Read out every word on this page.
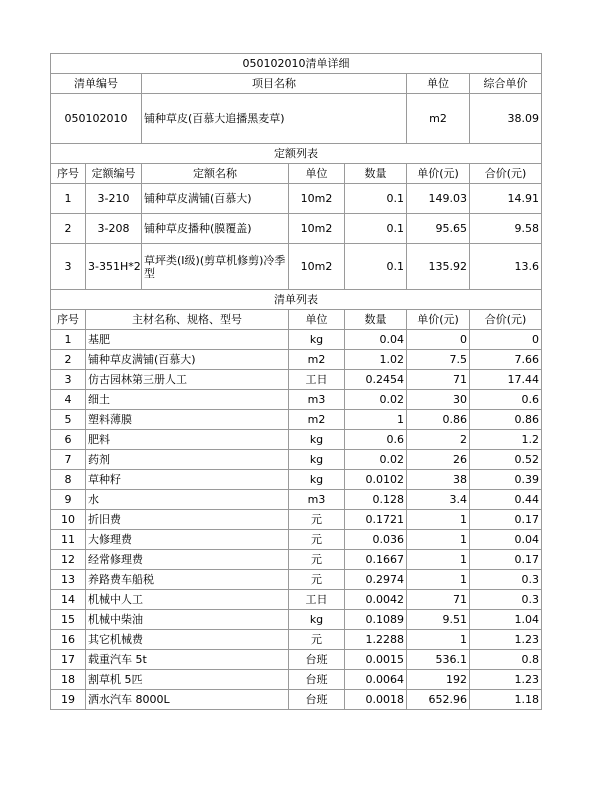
050102010清单详细						
清单编号		项目名称			单位	综合单价
050102010		铺种草皮(百慕大追播黑麦草)			m2	38.09
定额列表						
序号	定额编号	定额名称	单位	数量	单价(元)	合价(元)
1	3-210	铺种草皮满铺(百慕大)	10m2	0.1	149.03	14.91
2	3-208	铺种草皮播种(膜覆盖)	10m2	0.1	95.65	9.58
3	3-351H*2	草坪类(Ⅰ级)(剪草机修剪)冷季型	10m2	0.1	135.92	13.6
清单列表						
序号	主材名称、规格、型号		单位	数量	单价(元)	合价(元)
1	基肥		kg	0.04	0	0
2	铺种草皮满铺(百慕大)		m2	1.02	7.5	7.66
3	仿古园林第三册人工		工日	0.2454	71	17.44
4	细土		m3	0.02	30	0.6
5	塑料薄膜		m2	1	0.86	0.86
6	肥料		kg	0.6	2	1.2
7	药剂		kg	0.02	26	0.52
8	草种籽		kg	0.0102	38	0.39
9	水		m3	0.128	3.4	0.44
10	折旧费		元	0.1721	1	0.17
11	大修理费		元	0.036	1	0.04
12	经常修理费		元	0.1667	1	0.17
13	养路费车船税		元	0.2974	1	0.3
14	机械中人工		工日	0.0042	71	0.3
15	机械中柴油		kg	0.1089	9.51	1.04
16	其它机械费		元	1.2288	1	1.23
17	载重汽车 5t		台班	0.0015	536.1	0.8
18	割草机 5匹		台班	0.0064	192	1.23
19	洒水汽车 8000L		台班	0.0018	652.96	1.18
